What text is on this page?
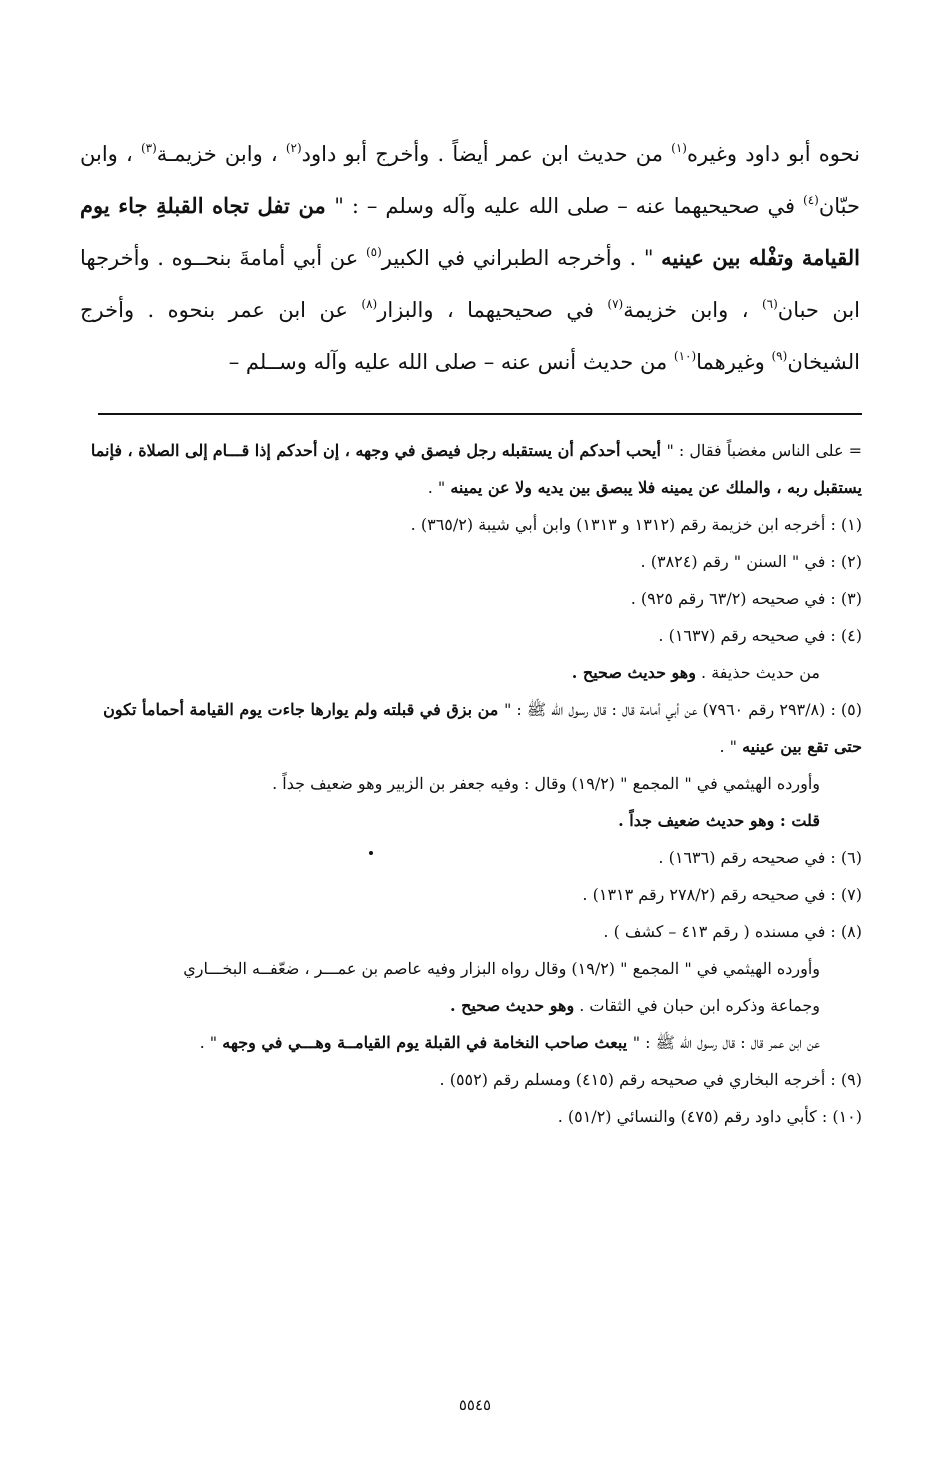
نحوه أبو داود وغيره$^{(١)}$ من حديث ابن عمر أيضاً . وأخرج أبو داود$^{(٢)}$ ، وابن خزيمـة$^{(٣)}$ ، وابن حبّان$^{(٤)}$ في صحيحيهما عنه – صلى الله عليه وآله وسلم – : " من تفل تجاه القبلةِ جاء يوم القيامة وتفْله بين عينيه " . وأخرجه الطبراني في الكبير$^{(٥)}$ عن أبي أمامةَ بنحــوه . وأخرجها ابن حبان$^{(٦)}$ ، وابن خزيمة$^{(٧)}$ في صحيحيهما ، والبزار$^{(٨)}$ عن ابن عمر بنحوه . وأخرج الشيخان$^{(٩)}$ وغيرهما$^{(١٠)}$ من حديث أنس عنه – صلى الله عليه وآله وســلم –

= على الناس مغضباً فقال : " أيحب أحدكم أن يستقبله رجل فيصق في وجهه ، إن أحدكم إذا قـــام إلى الصلاة ، فإنما يستقبل ربه ، والملك عن يمينه فلا يبصق بين يديه ولا عن يمينه " .

(١) : أخرجه ابن خزيمة رقم (١٣١٢ و ١٣١٣) وابن أبي شيبة (٣٦٥/٢) .

(٢) : في " السنن " رقم (٣٨٢٤) .

(٣) : في صحيحه (٦٣/٢ رقم ٩٢٥) .

(٤) : في صحيحه رقم (١٦٣٧) .

من حديث حذيفة . وهو حديث صحيح .

(٥) : (٢٩٣/٨ رقم ٧٩٦٠) عن أبي أمامة قال : قال رسول الله ﷺ : " من بزق في قبلته ولم يوارها جاءت يوم القيامة أحمامأ تكون حتى تقع بين عينيه " .

وأورده الهيثمي في " المجمع " (١٩/٢) وقال : وفيه جعفر بن الزبير وهو ضعيف جداً .

قلت : وهو حديث ضعيف جداً .

(٦) : في صحيحه رقم (١٦٣٦) .

(٧) : في صحيحه رقم (٢٧٨/٢ رقم ١٣١٣) .

(٨) : في مسنده ( رقم ٤١٣ – كشف ) .

وأورده الهيثمي في " المجمع " (١٩/٢) وقال رواه البزار وفيه عاصم بن عمـــر ، ضعّفــه البخـــاري

وجماعة وذكره ابن حبان في الثقات . وهو حديث صحيح .

عن ابن عمر قال : قال رسول الله ﷺ : " يبعث صاحب النخامة في القبلة يوم القيامــة وهـــي في وجهه " .

(٩) : أخرجه البخاري في صحيحه رقم (٤١٥) ومسلم رقم (٥٥٢) .

(١٠) : كأبي داود رقم (٤٧٥) والنسائي (٥١/٢) .

٥٥٤٥
